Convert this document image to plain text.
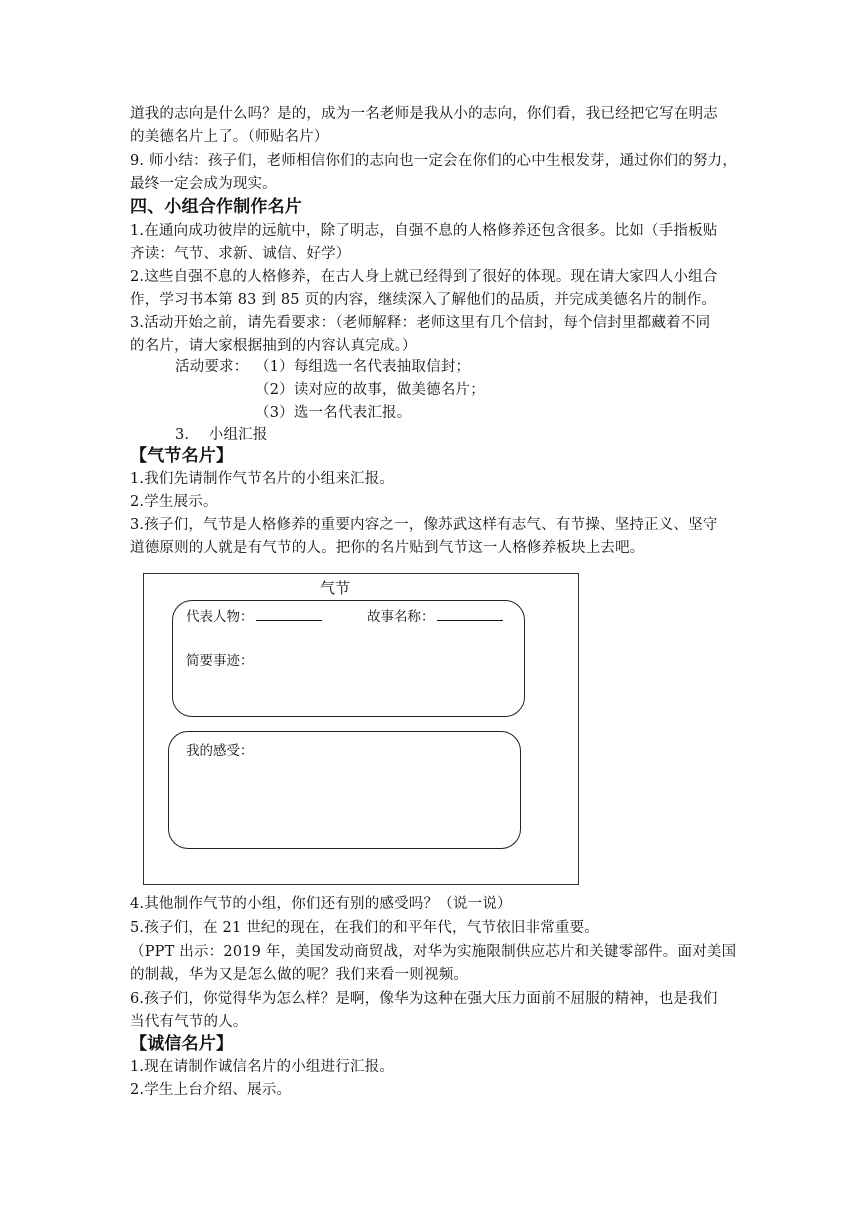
道我的志向是什么吗？是的，成为一名老师是我从小的志向，你们看，我已经把它写在明志
的美德名片上了。（师贴名片）
9. 师小结：孩子们，老师相信你们的志向也一定会在你们的心中生根发芽，通过你们的努力，
最终一定会成为现实。
四、小组合作制作名片
1.在通向成功彼岸的远航中，除了明志，自强不息的人格修养还包含很多。比如（手指板贴
齐读：气节、求新、诚信、好学）
2.这些自强不息的人格修养，在古人身上就已经得到了很好的体现。现在请大家四人小组合
作，学习书本第 83 到 85 页的内容，继续深入了解他们的品质，并完成美德名片的制作。
3.活动开始之前，请先看要求：（老师解释：老师这里有几个信封，每个信封里都藏着不同
的名片，请大家根据抽到的内容认真完成。）
活动要求： （1）每组选一名代表抽取信封；
（2）读对应的故事，做美德名片；
（3）选一名代表汇报。
3.　 小组汇报
【气节名片】
1.我们先请制作气节名片的小组来汇报。
2.学生展示。
3.孩子们，气节是人格修养的重要内容之一，像苏武这样有志气、有节操、坚持正义、坚守
道德原则的人就是有气节的人。把你的名片贴到气节这一人格修养板块上去吧。
气节
代表人物：	故事名称：
简要事迹：
我的感受：
4.其他制作气节的小组，你们还有别的感受吗？（说一说）
5.孩子们，在 21 世纪的现在，在我们的和平年代，气节依旧非常重要。
（PPT 出示：2019 年，美国发动商贸战，对华为实施限制供应芯片和关键零部件。面对美国
的制裁，华为又是怎么做的呢？我们来看一则视频。
6.孩子们，你觉得华为怎么样？是啊，像华为这种在强大压力面前不屈服的精神，也是我们
当代有气节的人。
【诚信名片】
1.现在请制作诚信名片的小组进行汇报。
2.学生上台介绍、展示。
